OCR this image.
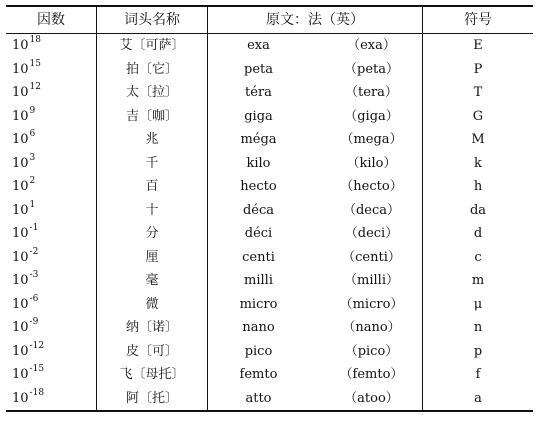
因数	词头名称	原文：法（英）	符号

$10^{18}$	艾〔可萨〕	exa （exa）	E

$10^{15}$	拍〔它〕	peta （peta）	P

$10^{12}$	太〔拉〕	téra （tera）	T

$10^9$	吉〔咖〕	giga （giga）	G

$10^6$	兆	méga （mega）	M

$10^3$	千	kilo （kilo）	k

$10^2$	百	hecto （hecto）	h

$10^1$	十	déca （deca）	da

$10^{-1}$	分	déci （deci）	d

$10^{-2}$	厘	centi （centi）	c

$10^{-3}$	毫	milli （milli）	m

$10^{-6}$	微	micro （micro）	μ

$10^{-9}$	纳〔诺〕	nano （nano）	n

$10^{-12}$	皮〔可〕	pico （pico）	p

$10^{-15}$	飞〔母托〕	femto （femto）	f

$10^{-18}$	阿〔托〕	atto （atoo）	a
